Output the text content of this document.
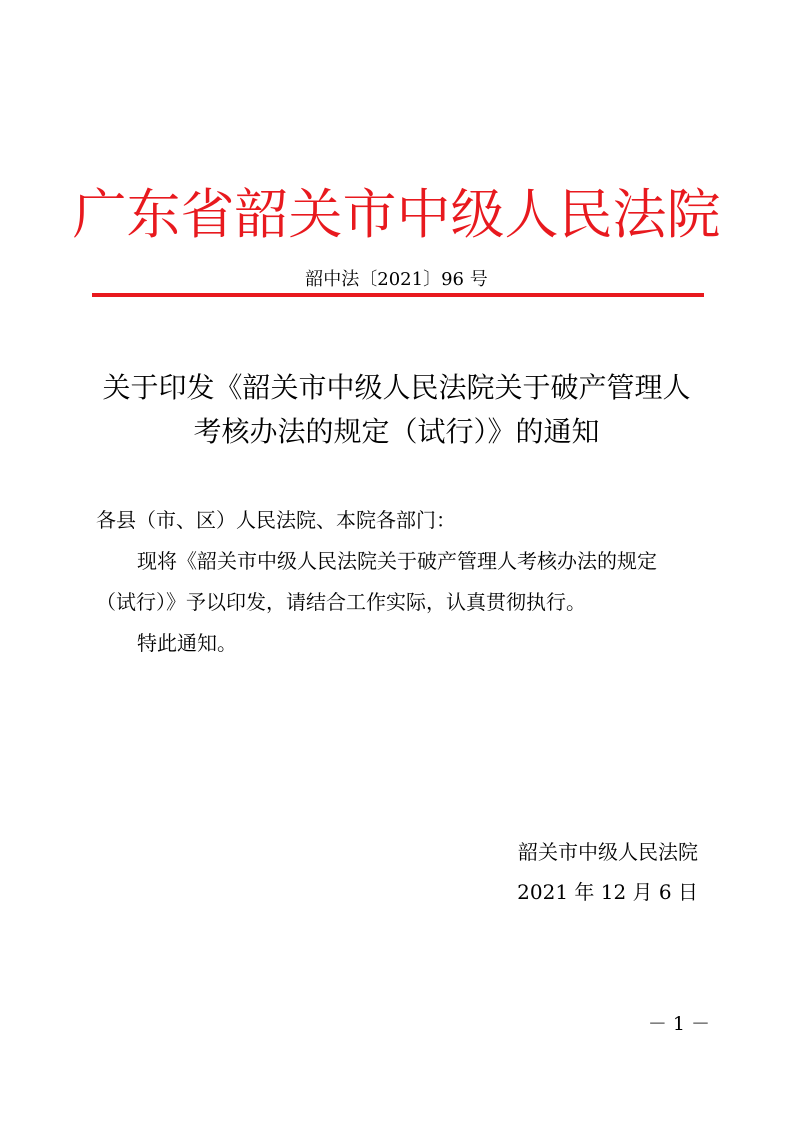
广东省韶关市中级人民法院
韶中法〔2021〕96 号
关于印发《韶关市中级人民法院关于破产管理人
考核办法的规定（试行）》的通知
各县（市、区）人民法院、本院各部门：
现将《韶关市中级人民法院关于破产管理人考核办法的规定
（试行）》予以印发，请结合工作实际，认真贯彻执行。
特此通知。
韶关市中级人民法院
2021 年 12 月 6 日
－ 1 －
